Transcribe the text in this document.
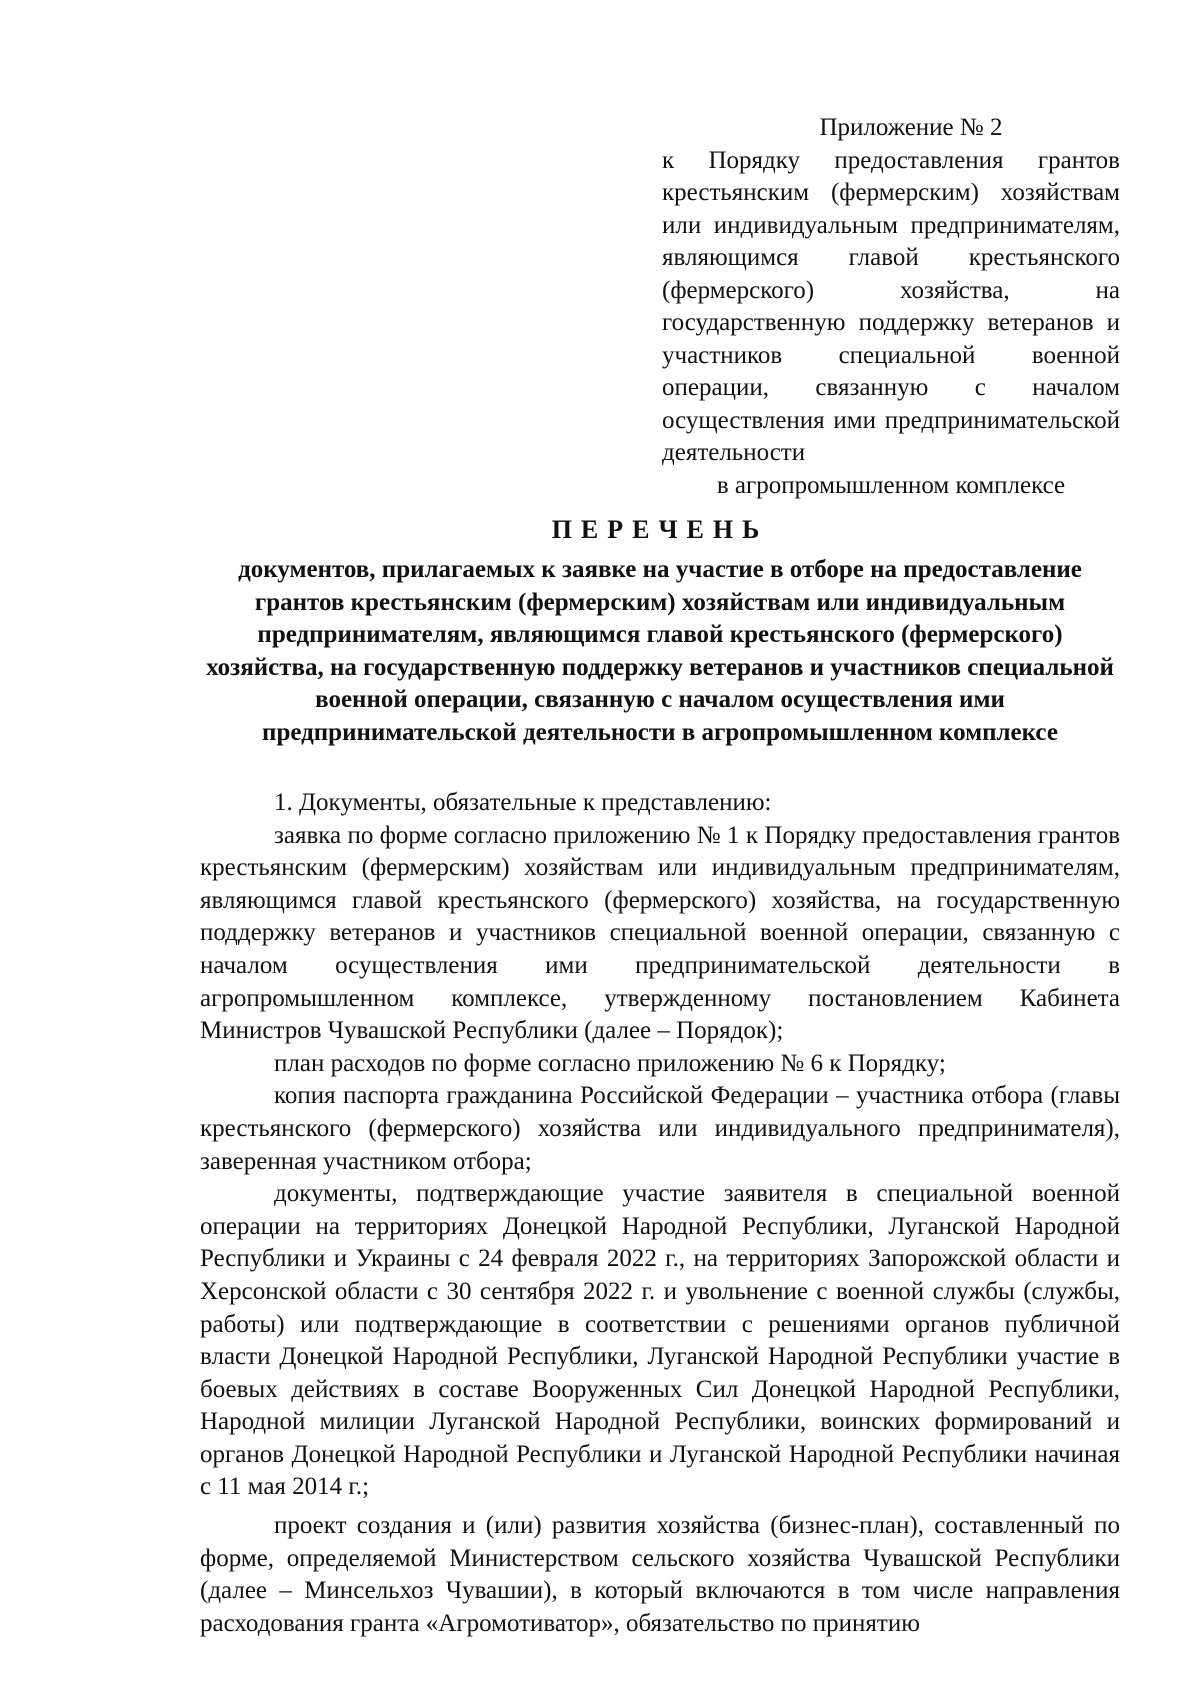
Приложение № 2
к Порядку предоставления грантов крестьянским (фермерским) хозяйствам или индивидуальным предпринимателям, являющимся главой крестьянского (фермерского) хозяйства, на государственную поддержку ветеранов и участников специальной военной операции, связанную с началом осуществления ими предпринимательской деятельности
в агропромышленном комплексе
ПЕРЕЧЕНЬ
документов, прилагаемых к заявке на участие в отборе на предоставление грантов крестьянским (фермерским) хозяйствам или индивидуальным предпринимателям, являющимся главой крестьянского (фермерского) хозяйства, на государственную поддержку ветеранов и участников специальной военной операции, связанную с началом осуществления ими предпринимательской деятельности в агропромышленном комплексе

1. Документы, обязательные к представлению:

заявка по форме согласно приложению № 1 к Порядку предоставления грантов крестьянским (фермерским) хозяйствам или индивидуальным предпринимателям, являющимся главой крестьянского (фермерского) хозяйства, на государственную поддержку ветеранов и участников специальной военной операции, связанную с началом осуществления ими предпринимательской деятельности в агропромышленном комплексе, утвержденному постановлением Кабинета Министров Чувашской Республики (далее – Порядок);

план расходов по форме согласно приложению № 6 к Порядку;

копия паспорта гражданина Российской Федерации – участника отбора (главы крестьянского (фермерского) хозяйства или индивидуального предпринимателя), заверенная участником отбора;

документы, подтверждающие участие заявителя в специальной военной операции на территориях Донецкой Народной Республики, Луганской Народной Республики и Украины с 24 февраля 2022 г., на территориях Запорожской области и Херсонской области с 30 сентября 2022 г. и увольнение с военной службы (службы, работы) или подтверждающие в соответствии с решениями органов публичной власти Донецкой Народной Республики, Луганской Народной Республики участие в боевых действиях в составе Вооруженных Сил Донецкой Народной Республики, Народной милиции Луганской Народной Республики, воинских формирований и органов Донецкой Народной Республики и Луганской Народной Республики начиная с 11 мая 2014 г.;

проект создания и (или) развития хозяйства (бизнес-план), составленный по форме, определяемой Министерством сельского хозяйства Чувашской Республики (далее – Минсельхоз Чувашии), в который включаются в том числе направления расходования гранта «Агромотиватор», обязательство по принятию
